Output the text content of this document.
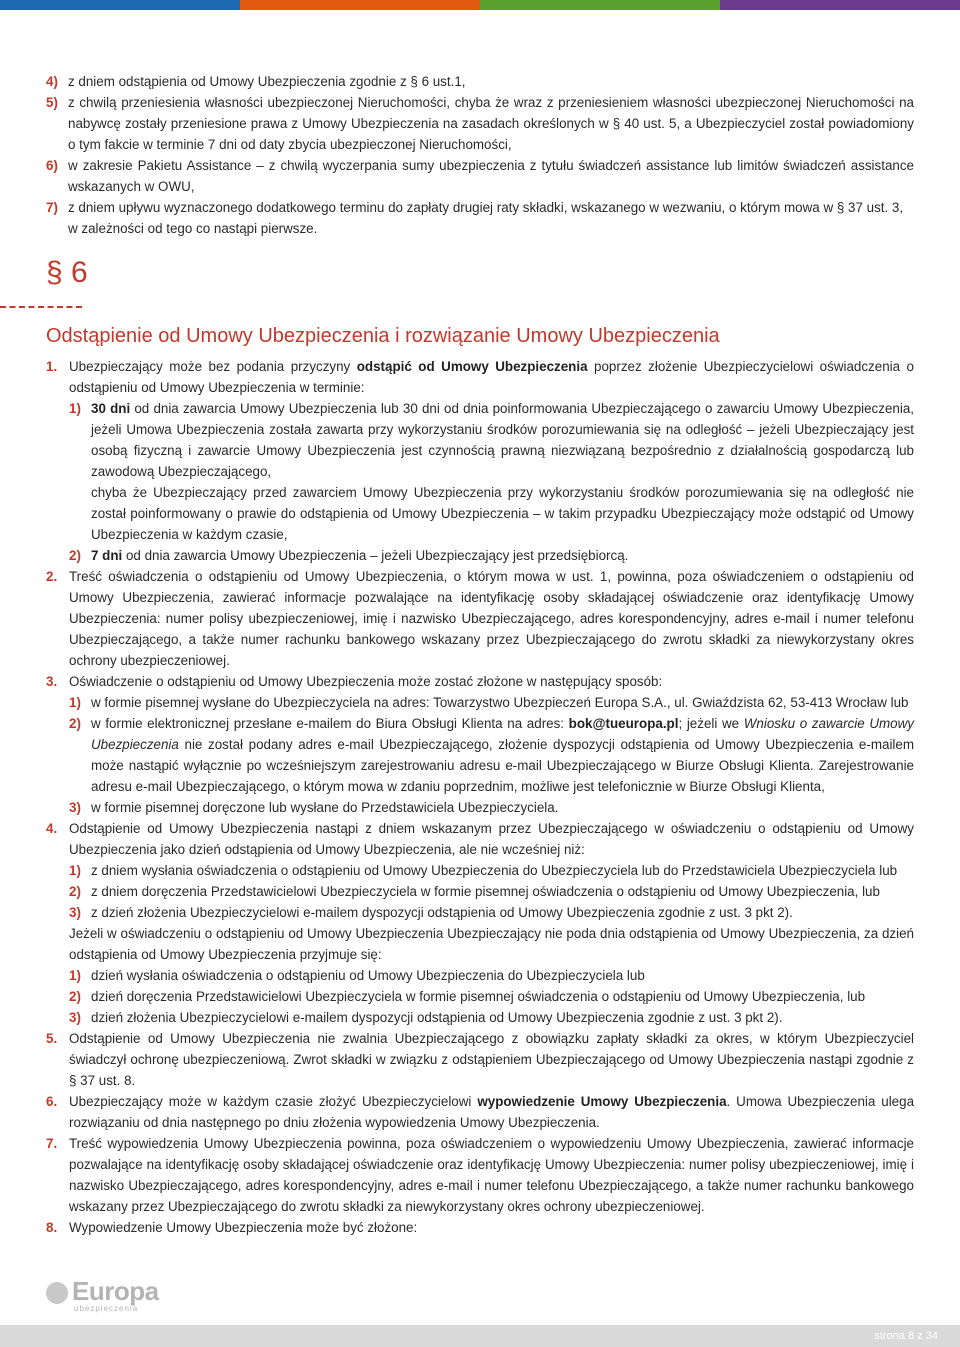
4) z dniem odstąpienia od Umowy Ubezpieczenia zgodnie z § 6 ust.1,
5) z chwilą przeniesienia własności ubezpieczonej Nieruchomości, chyba że wraz z przeniesieniem własności ubezpieczonej Nieruchomości na nabywcę zostały przeniesione prawa z Umowy Ubezpieczenia na zasadach określonych w § 40 ust. 5, a Ubezpieczyciel został powiadomiony o tym fakcie w terminie 7 dni od daty zbycia ubezpieczonej Nieruchomości,
6) w zakresie Pakietu Assistance – z chwilą wyczerpania sumy ubezpieczenia z tytułu świadczeń assistance lub limitów świadczeń assistance wskazanych w OWU,
7) z dniem upływu wyznaczonego dodatkowego terminu do zapłaty drugiej raty składki, wskazanego w wezwaniu, o którym mowa w § 37 ust. 3,
w zależności od tego co nastąpi pierwsze.
§ 6
Odstąpienie od Umowy Ubezpieczenia i rozwiązanie Umowy Ubezpieczenia
1. Ubezpieczający może bez podania przyczyny odstąpić od Umowy Ubezpieczenia poprzez złożenie Ubezpieczycielowi oświadczenia o odstąpieniu od Umowy Ubezpieczenia w terminie:
1) 30 dni od dnia zawarcia Umowy Ubezpieczenia lub 30 dni od dnia poinformowania Ubezpieczającego o zawarciu Umowy Ubezpieczenia, jeżeli Umowa Ubezpieczenia została zawarta przy wykorzystaniu środków porozumiewania się na odległość – jeżeli Ubezpieczający jest osobą fizyczną i zawarcie Umowy Ubezpieczenia jest czynnością prawną niezwiązaną bezpośrednio z działalnością gospodarczą lub zawodową Ubezpieczającego,
chyba że Ubezpieczający przed zawarciem Umowy Ubezpieczenia przy wykorzystaniu środków porozumiewania się na odległość nie został poinformowany o prawie do odstąpienia od Umowy Ubezpieczenia – w takim przypadku Ubezpieczający może odstąpić od Umowy Ubezpieczenia w każdym czasie,
2) 7 dni od dnia zawarcia Umowy Ubezpieczenia – jeżeli Ubezpieczający jest przedsiębiorcą.
2. Treść oświadczenia o odstąpieniu od Umowy Ubezpieczenia, o którym mowa w ust. 1, powinna, poza oświadczeniem o odstąpieniu od Umowy Ubezpieczenia, zawierać informacje pozwalające na identyfikację osoby składającej oświadczenie oraz identyfikację Umowy Ubezpieczenia: numer polisy ubezpieczeniowej, imię i nazwisko Ubezpieczającego, adres korespondencyjny, adres e-mail i numer telefonu Ubezpieczającego, a także numer rachunku bankowego wskazany przez Ubezpieczającego do zwrotu składki za niewykorzystany okres ochrony ubezpieczeniowej.
3. Oświadczenie o odstąpieniu od Umowy Ubezpieczenia może zostać złożone w następujący sposób:
1) w formie pisemnej wysłane do Ubezpieczyciela na adres: Towarzystwo Ubezpieczeń Europa S.A., ul. Gwiaździsta 62, 53-413 Wrocław lub
2) w formie elektronicznej przesłane e-mailem do Biura Obsługi Klienta na adres: bok@tueuropa.pl; jeżeli we Wniosku o zawarcie Umowy Ubezpieczenia nie został podany adres e-mail Ubezpieczającego, złożenie dyspozycji odstąpienia od Umowy Ubezpieczenia e-mailem może nastąpić wyłącznie po wcześniejszym zarejestrowaniu adresu e-mail Ubezpieczającego w Biurze Obsługi Klienta. Zarejestrowanie adresu e-mail Ubezpieczającego, o którym mowa w zdaniu poprzednim, możliwe jest telefonicznie w Biurze Obsługi Klienta,
3) w formie pisemnej doręczone lub wysłane do Przedstawiciela Ubezpieczyciela.
4. Odstąpienie od Umowy Ubezpieczenia nastąpi z dniem wskazanym przez Ubezpieczającego w oświadczeniu o odstąpieniu od Umowy Ubezpieczenia jako dzień odstąpienia od Umowy Ubezpieczenia, ale nie wcześniej niż:
1) z dniem wysłania oświadczenia o odstąpieniu od Umowy Ubezpieczenia do Ubezpieczyciela lub do Przedstawiciela Ubezpieczyciela lub
2) z dniem doręczenia Przedstawicielowi Ubezpieczyciela w formie pisemnej oświadczenia o odstąpieniu od Umowy Ubezpieczenia, lub
3) z dzień złożenia Ubezpieczycielowi e-mailem dyspozycji odstąpienia od Umowy Ubezpieczenia zgodnie z ust. 3 pkt 2).
Jeżeli w oświadczeniu o odstąpieniu od Umowy Ubezpieczenia Ubezpieczający nie poda dnia odstąpienia od Umowy Ubezpieczenia, za dzień odstąpienia od Umowy Ubezpieczenia przyjmuje się:
1) dzień wysłania oświadczenia o odstąpieniu od Umowy Ubezpieczenia do Ubezpieczyciela lub
2) dzień doręczenia Przedstawicielowi Ubezpieczyciela w formie pisemnej oświadczenia o odstąpieniu od Umowy Ubezpieczenia, lub
3) dzień złożenia Ubezpieczycielowi e-mailem dyspozycji odstąpienia od Umowy Ubezpieczenia zgodnie z ust. 3 pkt 2).
5. Odstąpienie od Umowy Ubezpieczenia nie zwalnia Ubezpieczającego z obowiązku zapłaty składki za okres, w którym Ubezpieczyciel świadczył ochronę ubezpieczeniową. Zwrot składki w związku z odstąpieniem Ubezpieczającego od Umowy Ubezpieczenia nastąpi zgodnie z § 37 ust. 8.
6. Ubezpieczający może w każdym czasie złożyć Ubezpieczycielowi wypowiedzenie Umowy Ubezpieczenia. Umowa Ubezpieczenia ulega rozwiązaniu od dnia następnego po dniu złożenia wypowiedzenia Umowy Ubezpieczenia.
7. Treść wypowiedzenia Umowy Ubezpieczenia powinna, poza oświadczeniem o wypowiedzeniu Umowy Ubezpieczenia, zawierać informacje pozwalające na identyfikację osoby składającej oświadczenie oraz identyfikację Umowy Ubezpieczenia: numer polisy ubezpieczeniowej, imię i nazwisko Ubezpieczającego, adres korespondencyjny, adres e-mail i numer telefonu Ubezpieczającego, a także numer rachunku bankowego wskazany przez Ubezpieczającego do zwrotu składki za niewykorzystany okres ochrony ubezpieczeniowej.
8. Wypowiedzenie Umowy Ubezpieczenia może być złożone:
Europa
ubezpieczenia
strona 8 z 34
